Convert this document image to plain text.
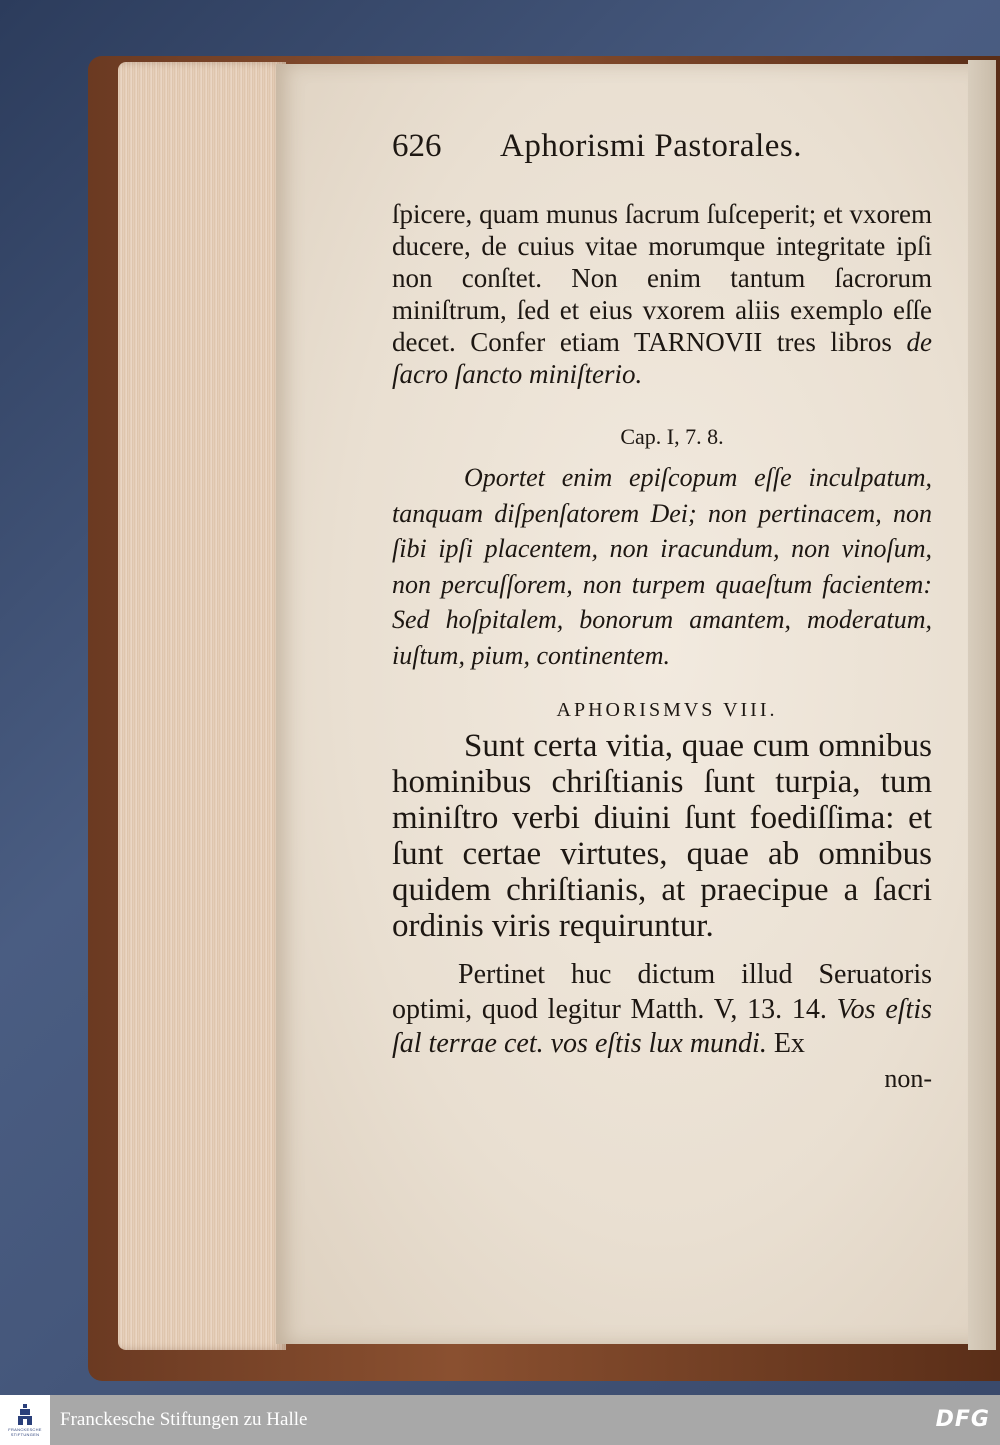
626	Aphorismi Pastorales.

ſpicere, quam munus ſacrum ſuſceperit; et vxorem ducere, de cuius vitae morumque integritate ipſi non conſtet. Non enim tantum ſacrorum miniſtrum, ſed et eius vxorem aliis exemplo eſſe decet. Confer etiam TARNOVII tres libros de ſacro ſancto miniſterio.

Cap. I, 7. 8.

Oportet enim epiſcopum eſſe inculpatum, tanquam diſpenſatorem Dei; non pertinacem, non ſibi ipſi placentem, non iracundum, non vinoſum, non percuſſorem, non turpem quaeſtum facientem: Sed hoſpitalem, bonorum amantem, moderatum, iuſtum, pium, continentem.

APHORISMVS VIII.

Sunt certa vitia, quae cum omnibus hominibus chriſtianis ſunt turpia, tum miniſtro verbi diuini ſunt foediſſima: et ſunt certae virtutes, quae ab omnibus quidem chriſtianis, at praecipue a ſacri ordinis viris requiruntur.

Pertinet huc dictum illud Seruatoris optimi, quod legitur Matth. V, 13. 14. Vos eſtis ſal terrae cet. vos eſtis lux mundi. Ex

non-

FRANCKESCHE STIFTUNGEN
Franckesche Stiftungen zu Halle	DFG
